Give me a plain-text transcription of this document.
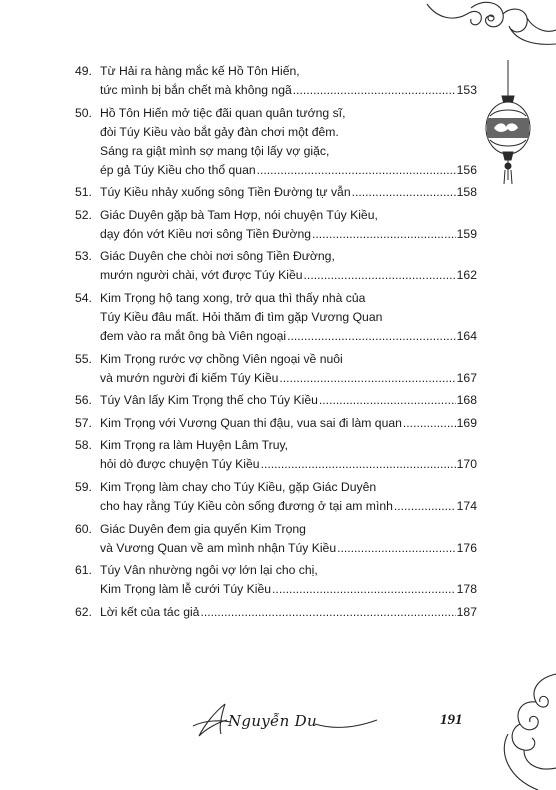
49. Từ Hải ra hàng mắc kế Hồ Tôn Hiến,
tức mình bị bắn chết mà không ngã .....	153
50. Hồ Tôn Hiến mở tiệc đãi quan quân tướng sĩ,
đòi Túy Kiều vào bắt gảy đàn chơi một đêm.
Sáng ra giật mình sợ mang tội lấy vợ giặc,
ép gả Túy Kiều cho thổ quan .....	156
51. Túy Kiều nhảy xuống sông Tiền Đường tự vẫn .....	158
52. Giác Duyên gặp bà Tam Hợp, nói chuyện Túy Kiều,
dạy đón vớt Kiều nơi sông Tiền Đường .....	159
53. Giác Duyên che chòi nơi sông Tiền Đường,
mướn người chài, vớt được Túy Kiều .....	162
54. Kim Trọng hộ tang xong, trở qua thì thấy nhà của
Túy Kiều đâu mất. Hỏi thăm đi tìm gặp Vương Quan
đem vào ra mắt ông bà Viên ngoại .....	164
55. Kim Trọng rước vợ chồng Viên ngoại về nuôi
và mướn người đi kiếm Túy Kiều .....	167
56. Túy Vân lấy Kim Trọng thế cho Túy Kiều .....	168
57. Kim Trọng với Vương Quan thi đậu, vua sai đi làm quan .....	169
58. Kim Trọng ra làm Huyện Lâm Truy,
hỏi dò được chuyện Túy Kiều .....	170
59. Kim Trọng làm chay cho Túy Kiều, gặp Giác Duyên
cho hay rằng Túy Kiều còn sống đương ở tại am mình .....	174
60. Giác Duyên đem gia quyến Kim Trọng
và Vương Quan về am mình nhận Túy Kiều .....	176
61. Túy Vân nhường ngôi vợ lớn lại cho chị,
Kim Trọng làm lễ cưới Túy Kiều .....	178
62. Lời kết của tác giả .....	187
Nguyễn Du	191
